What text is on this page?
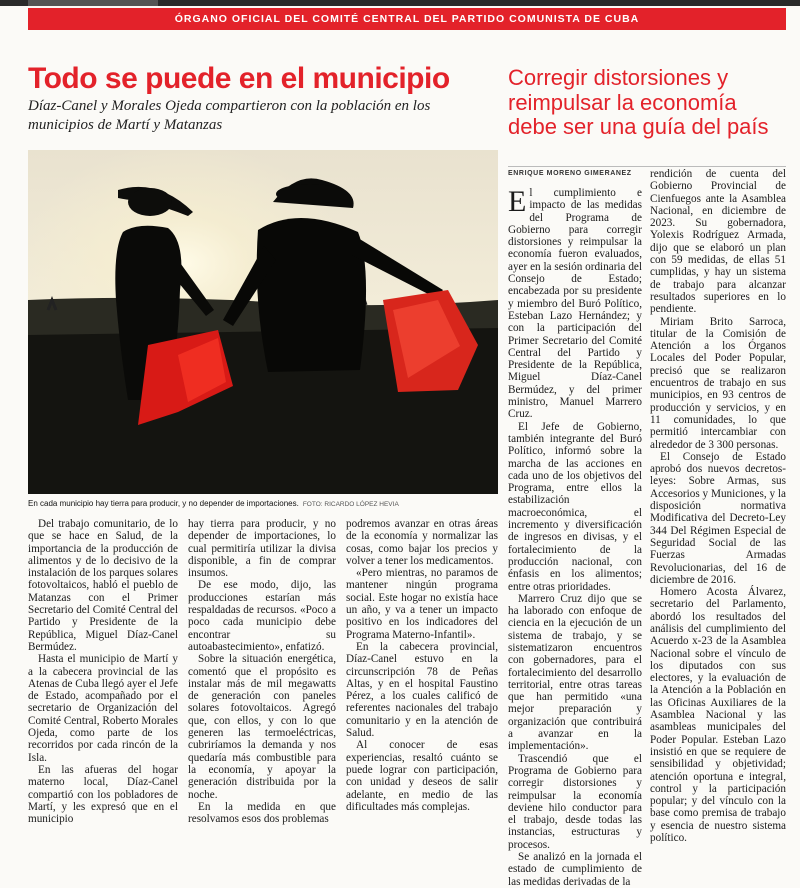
ÓRGANO OFICIAL DEL COMITÉ CENTRAL DEL PARTIDO COMUNISTA DE CUBA
Todo se puede en el municipio

Díaz-Canel y Morales Ojeda compartieron con la población en los municipios de Martí y Matanzas

En cada municipio hay tierra para producir, y no depender de importaciones. FOTO: RICARDO LÓPEZ HEVIA

Del trabajo comunitario, de lo que se hace en Salud, de la importancia de la producción de alimentos y de lo decisivo de la instalación de los parques solares fotovoltaicos, habló el pueblo de Matanzas con el Primer Secretario del Comité Central del Partido y Presidente de la República, Miguel Díaz-Canel Bermúdez.

Hasta el municipio de Martí y a la cabecera provincial de las Atenas de Cuba llegó ayer el Jefe de Estado, acompañado por el secretario de Organización del Comité Central, Roberto Morales Ojeda, como parte de los recorridos por cada rincón de la Isla.

En las afueras del hogar materno local, Díaz-Canel compartió con los pobladores de Martí, y les expresó que en el municipio

hay tierra para producir, y no depender de importaciones, lo cual permitiría utilizar la divisa disponible, a fin de comprar insumos.

De ese modo, dijo, las producciones estarían más respaldadas de recursos. «Poco a poco cada municipio debe encontrar su autoabastecimiento», enfatizó.

Sobre la situación energética, comentó que el propósito es instalar más de mil megawatts de generación con paneles solares fotovoltaicos. Agregó que, con ellos, y con lo que generen las termoeléctricas, cubriríamos la demanda y nos quedaría más combustible para la economía, y apoyar la generación distribuida por la noche.

En la medida en que resolvamos esos dos problemas

podremos avanzar en otras áreas de la economía y normalizar las cosas, como bajar los precios y volver a tener los medicamentos.

«Pero mientras, no paramos de mantener ningún programa social. Este hogar no existía hace un año, y va a tener un impacto positivo en los indicadores del Programa Materno-Infantil».

En la cabecera provincial, Díaz-Canel estuvo en la circunscripción 78 de Peñas Altas, y en el hospital Faustino Pérez, a los cuales calificó de referentes nacionales del trabajo comunitario y en la atención de Salud.

Al conocer de esas experiencias, resaltó cuánto se puede lograr con participación, con unidad y deseos de salir adelante, en medio de las dificultades más complejas.

Corregir distorsiones y reimpulsar la economía debe ser una guía del país
ENRIQUE MORENO GIMERANEZ

El cumplimiento e impacto de las medidas del Programa de Gobierno para corregir distorsiones y reimpulsar la economía fueron evaluados, ayer en la sesión ordinaria del Consejo de Estado; encabezada por su presidente y miembro del Buró Político, Esteban Lazo Hernández; y con la participación del Primer Secretario del Comité Central del Partido y Presidente de la República, Miguel Díaz-Canel Bermúdez, y del primer ministro, Manuel Marrero Cruz.

El Jefe de Gobierno, también integrante del Buró Político, informó sobre la marcha de las acciones en cada uno de los objetivos del Programa, entre ellos la estabilización macroeconómica, el incremento y diversificación de ingresos en divisas, y el fortalecimiento de la producción nacional, con énfasis en los alimentos; entre otras prioridades.

Marrero Cruz dijo que se ha laborado con enfoque de ciencia en la ejecución de un sistema de trabajo, y se sistematizaron encuentros con gobernadores, para el fortalecimiento del desarrollo territorial, entre otras tareas que han permitido «una mejor preparación y organización que contribuirá a avanzar en la implementación».

Trascendió que el Programa de Gobierno para corregir distorsiones y reimpulsar la economía deviene hilo conductor para el trabajo, desde todas las instancias, estructuras y procesos.

Se analizó en la jornada el estado de cumplimiento de las medidas derivadas de la

rendición de cuenta del Gobierno Provincial de Cienfuegos ante la Asamblea Nacional, en diciembre de 2023. Su gobernadora, Yolexis Rodríguez Armada, dijo que se elaboró un plan con 59 medidas, de ellas 51 cumplidas, y hay un sistema de trabajo para alcanzar resultados superiores en lo pendiente.

Miriam Brito Sarroca, titular de la Comisión de Atención a los Órganos Locales del Poder Popular, precisó que se realizaron encuentros de trabajo en sus municipios, en 93 centros de producción y servicios, y en 11 comunidades, lo que permitió intercambiar con alrededor de 3 300 personas.

El Consejo de Estado aprobó dos nuevos decretos-leyes: Sobre Armas, sus Accesorios y Municiones, y la disposición normativa Modificativa del Decreto-Ley 344 Del Régimen Especial de Seguridad Social de las Fuerzas Armadas Revolucionarias, del 16 de diciembre de 2016.

Homero Acosta Álvarez, secretario del Parlamento, abordó los resultados del análisis del cumplimiento del Acuerdo x-23 de la Asamblea Nacional sobre el vínculo de los diputados con sus electores, y la evaluación de la Atención a la Población en las Oficinas Auxiliares de la Asamblea Nacional y las asambleas municipales del Poder Popular. Esteban Lazo insistió en que se requiere de sensibilidad y objetividad; atención oportuna e integral, control y la participación popular; y del vínculo con la base como premisa de trabajo y esencia de nuestro sistema político.
